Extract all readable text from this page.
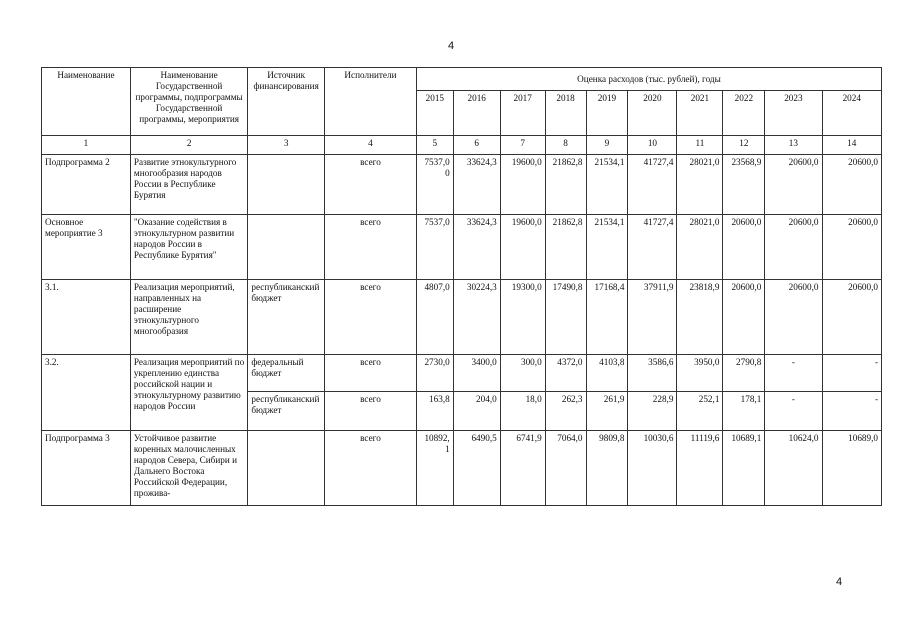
4
Наименование	Наименование Государственной программы, подпрограммы Государственной программы, мероприятия	Источник финансирования	Исполнители	Оценка расходов (тыс. рублей), годы									
				2015	2016	2017	2018	2019	2020	2021	2022	2023	2024
1	2	3	4	5	6	7	8	9	10	11	12	13	14
Подпрограмма 2	Развитие этнокультурного многообразия народов России в Республике Бурятия		всего	7537,00	33624,3	19600,0	21862,8	21534,1	41727,4	28021,0	23568,9	20600,0	20600,0
Основное мероприятие 3	"Оказание содействия в этнокультурном развитии народов России в Республике Бурятия"		всего	7537,0	33624,3	19600,0	21862,8	21534,1	41727,4	28021,0	20600,0	20600,0	20600,0
3.1.	Реализация мероприятий, направленных на расширение этнокультурного многообразия	республиканский бюджет	всего	4807,0	30224,3	19300,0	17490,8	17168,4	37911,9	23818,9	20600,0	20600,0	20600,0
3.2.	Реализация мероприятий по укреплению единства российской нации и этнокультурному развитию народов России	федеральный бюджет	всего	2730,0	3400,0	300,0	4372,0	4103,8	3586,6	3950,0	2790,8	-	-
		республиканский бюджет	всего	163,8	204,0	18,0	262,3	261,9	228,9	252,1	178,1	-	-
Подпрограмма 3	Устойчивое развитие коренных малочисленных народов Севера, Сибири и Дальнего Востока Российской Федерации, прожива-		всего	10892,1	6490,5	6741,9	7064,0	9809,8	10030,6	11119,6	10689,1	10624,0	10689,0
4
